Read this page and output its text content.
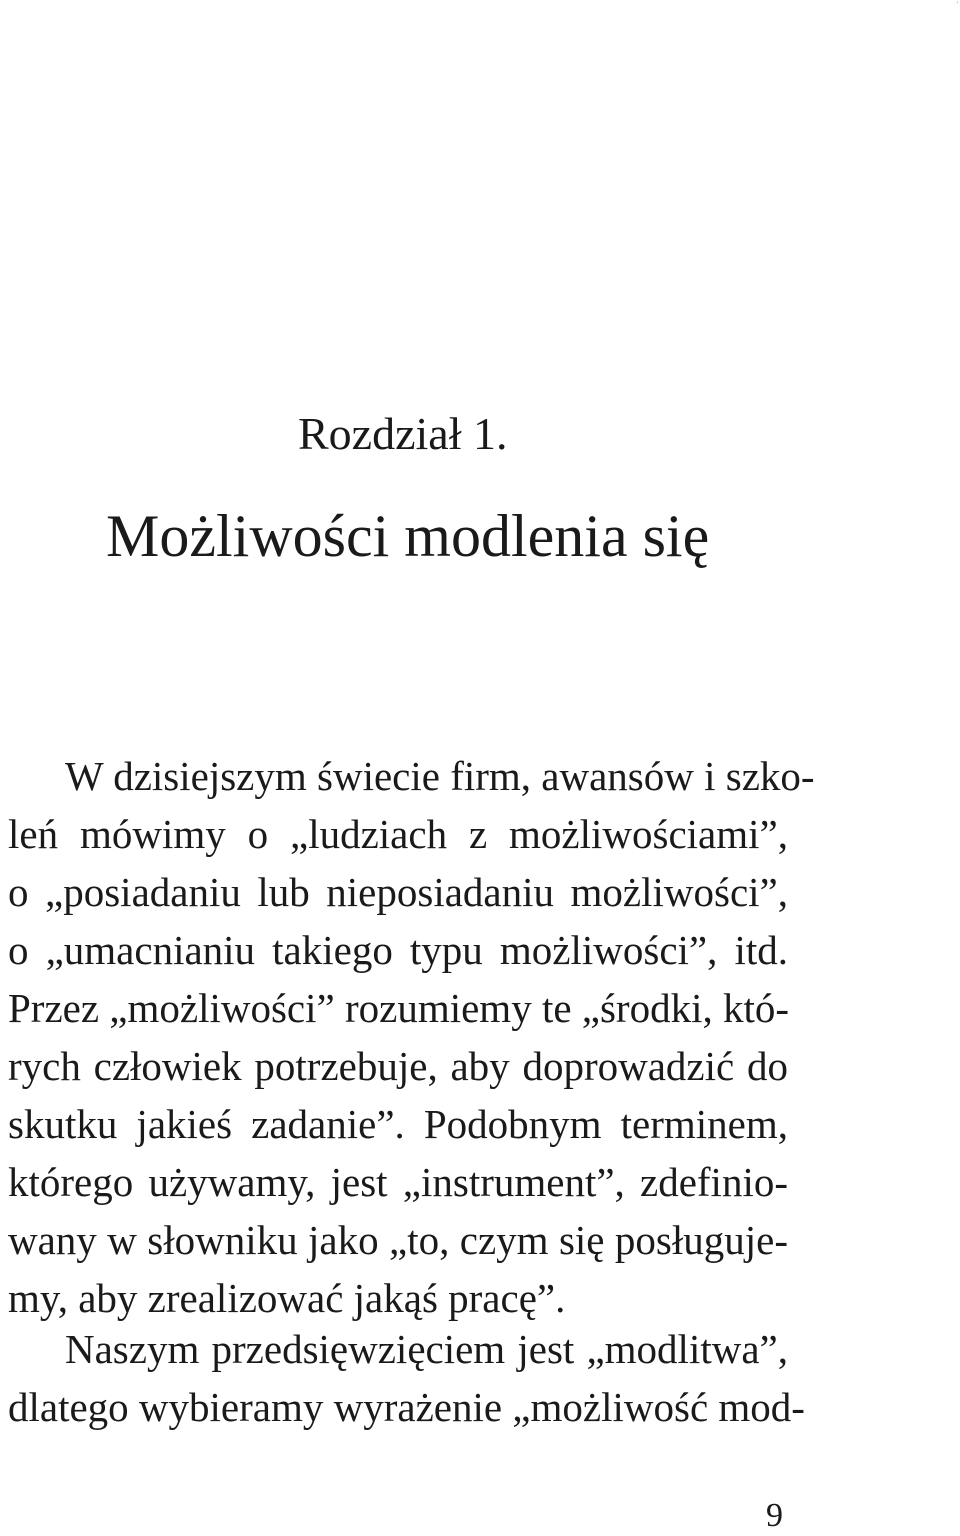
'
Rozdział 1.
Możliwości modlenia się
W dzisiejszym świecie firm, awansów i szko-
leń mówimy o „ludziach z możliwościami”,
o „posiadaniu lub nieposiadaniu możliwości”,
o „umacnianiu takiego typu możliwości”, itd.
Przez „możliwości” rozumiemy te „środki, któ-
rych człowiek potrzebuje, aby doprowadzić do
skutku jakieś zadanie”. Podobnym terminem,
którego używamy, jest „instrument”, zdefinio-
wany w słowniku jako „to, czym się posługuje-
my, aby zrealizować jakąś pracę”.
Naszym przedsięwzięciem jest „modlitwa”,
dlatego wybieramy wyrażenie „możliwość mod-

9
